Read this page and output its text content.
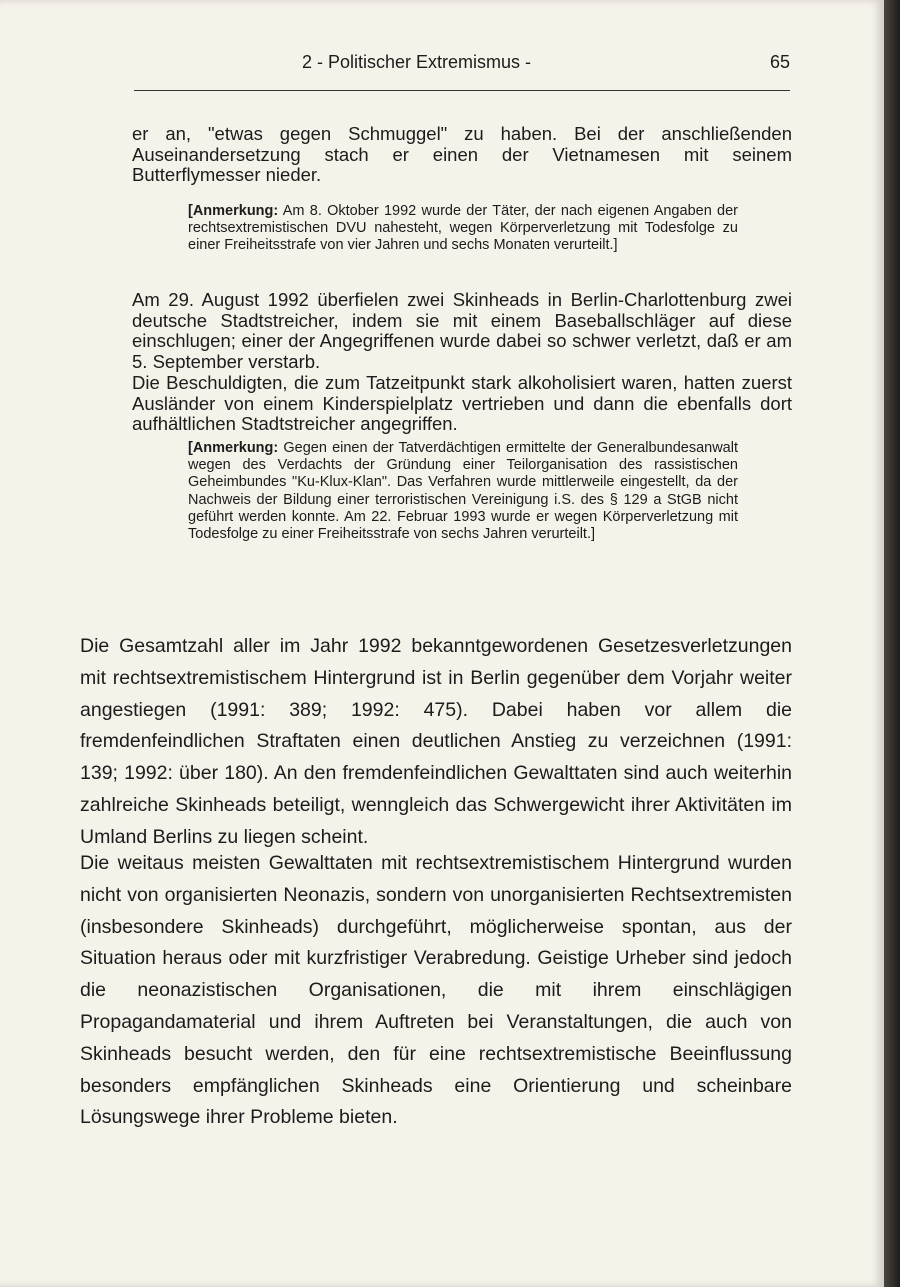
2 - Politischer Extremismus -	65

er an, "etwas gegen Schmuggel" zu haben. Bei der anschließenden Auseinandersetzung stach er einen der Vietnamesen mit seinem Butterflymesser nieder.

[Anmerkung: Am 8. Oktober 1992 wurde der Täter, der nach eigenen Angaben der rechtsextremistischen DVU nahesteht, wegen Körperverletzung mit Todesfolge zu einer Freiheitsstrafe von vier Jahren und sechs Monaten verurteilt.]

Am 29. August 1992 überfielen zwei Skinheads in Berlin-Charlottenburg zwei deutsche Stadtstreicher, indem sie mit einem Baseballschläger auf diese einschlugen; einer der Angegriffenen wurde dabei so schwer verletzt, daß er am 5. September verstarb.

Die Beschuldigten, die zum Tatzeitpunkt stark alkoholisiert waren, hatten zuerst Ausländer von einem Kinderspielplatz vertrieben und dann die ebenfalls dort aufhältlichen Stadtstreicher angegriffen.

[Anmerkung: Gegen einen der Tatverdächtigen ermittelte der Generalbundesanwalt wegen des Verdachts der Gründung einer Teilorganisation des rassistischen Geheimbundes "Ku-Klux-Klan". Das Verfahren wurde mittlerweile eingestellt, da der Nachweis der Bildung einer terroristischen Vereinigung i.S. des § 129 a StGB nicht geführt werden konnte. Am 22. Februar 1993 wurde er wegen Körperverletzung mit Todesfolge zu einer Freiheitsstrafe von sechs Jahren verurteilt.]

Die Gesamtzahl aller im Jahr 1992 bekanntgewordenen Gesetzesverletzungen mit rechtsextremistischem Hintergrund ist in Berlin gegenüber dem Vorjahr weiter angestiegen (1991: 389; 1992: 475). Dabei haben vor allem die fremdenfeindlichen Straftaten einen deutlichen Anstieg zu verzeichnen (1991: 139; 1992: über 180). An den fremdenfeindlichen Gewalttaten sind auch weiterhin zahlreiche Skinheads beteiligt, wenngleich das Schwergewicht ihrer Aktivitäten im Umland Berlins zu liegen scheint.

Die weitaus meisten Gewalttaten mit rechtsextremistischem Hintergrund wurden nicht von organisierten Neonazis, sondern von unorganisierten Rechtsextremisten (insbesondere Skinheads) durchgeführt, möglicherweise spontan, aus der Situation heraus oder mit kurzfristiger Verabredung. Geistige Urheber sind jedoch die neonazistischen Organisationen, die mit ihrem einschlägigen Propagandamaterial und ihrem Auftreten bei Veranstaltungen, die auch von Skinheads besucht werden, den für eine rechtsextremistische Beeinflussung besonders empfänglichen Skinheads eine Orientierung und scheinbare Lösungswege ihrer Probleme bieten.
